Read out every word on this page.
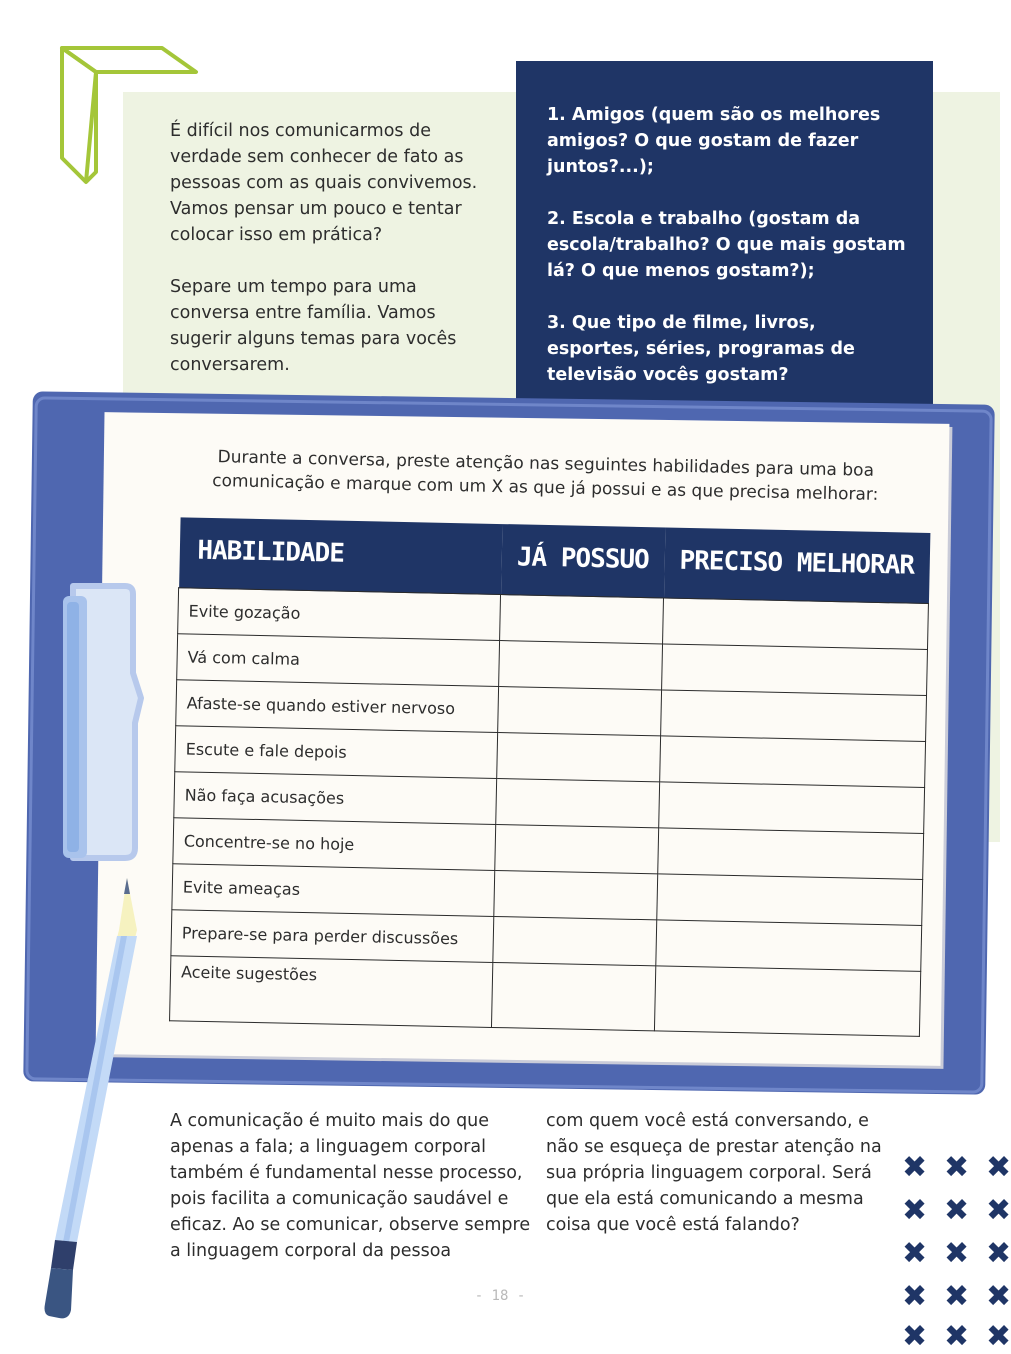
É difícil nos comunicarmos de verdade sem conhecer de fato as pessoas com as quais convivemos. Vamos pensar um pouco e tentar colocar isso em prática?

Separe um tempo para uma conversa entre família. Vamos sugerir alguns temas para vocês conversarem.

1. Amigos (quem são os melhores amigos? O que gostam de fazer juntos?...);

2. Escola e trabalho (gostam da escola/trabalho? O que mais gostam lá? O que menos gostam?);

3. Que tipo de filme, livros, esportes, séries, programas de televisão vocês gostam?

Durante a conversa, preste atenção nas seguintes habilidades para uma boa comunicação e marque com um X as que já possui e as que precisa melhorar:
HABILIDADE	JÁ POSSUO	PRECISO MELHORAR
Evite gozação		
Vá com calma		
Afaste-se quando estiver nervoso		
Escute e fale depois		
Não faça acusações		
Concentre-se no hoje		
Evite ameaças		
Prepare-se para perder discussões		
Aceite sugestões		

A comunicação é muito mais do que apenas a fala; a linguagem corporal também é fundamental nesse processo, pois facilita a comunicação saudável e eficaz. Ao se comunicar, observe sempre a linguagem corporal da pessoa

com quem você está conversando, e não se esqueça de prestar atenção na sua própria linguagem corporal. Será que ela está comunicando a mesma coisa que você está falando?

- 18 -
✖ ✖ ✖
✖ ✖ ✖
✖ ✖ ✖
✖ ✖ ✖
✖ ✖ ✖
